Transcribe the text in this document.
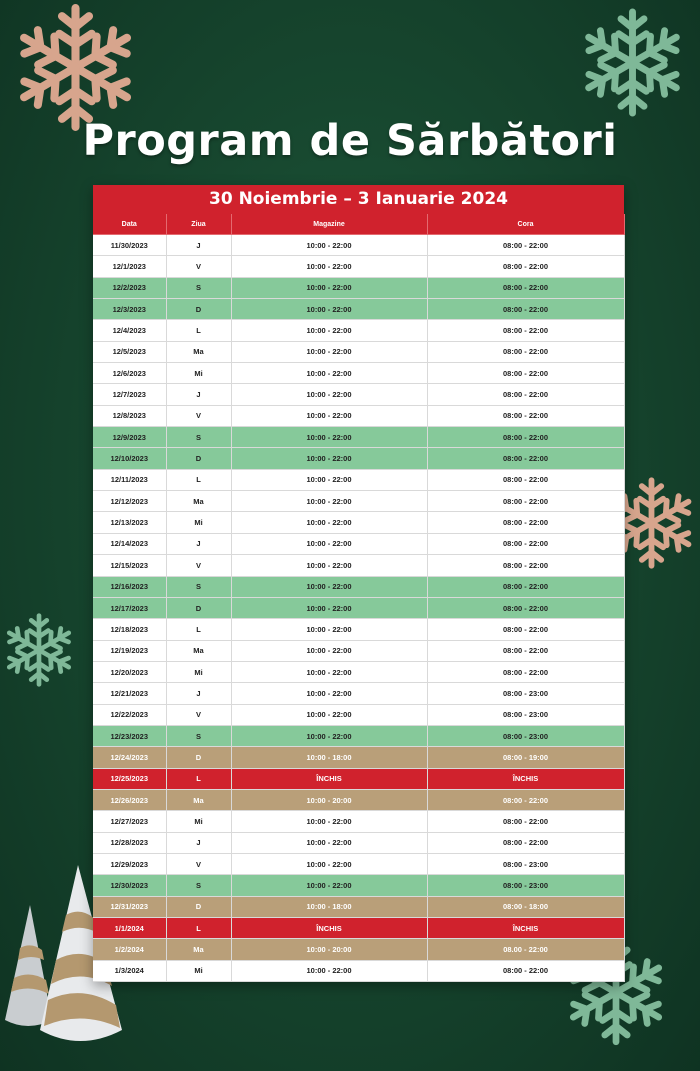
Program de Sărbători
30 Noiembrie – 3 Ianuarie 2024
Data	Ziua	Magazine	Cora
11/30/2023	J	10:00 - 22:00	08:00 - 22:00
12/1/2023	V	10:00 - 22:00	08:00 - 22:00
12/2/2023	S	10:00 - 22:00	08:00 - 22:00
12/3/2023	D	10:00 - 22:00	08:00 - 22:00
12/4/2023	L	10:00 - 22:00	08:00 - 22:00
12/5/2023	Ma	10:00 - 22:00	08:00 - 22:00
12/6/2023	Mi	10:00 - 22:00	08:00 - 22:00
12/7/2023	J	10:00 - 22:00	08:00 - 22:00
12/8/2023	V	10:00 - 22:00	08:00 - 22:00
12/9/2023	S	10:00 - 22:00	08:00 - 22:00
12/10/2023	D	10:00 - 22:00	08:00 - 22:00
12/11/2023	L	10:00 - 22:00	08:00 - 22:00
12/12/2023	Ma	10:00 - 22:00	08:00 - 22:00
12/13/2023	Mi	10:00 - 22:00	08:00 - 22:00
12/14/2023	J	10:00 - 22:00	08:00 - 22:00
12/15/2023	V	10:00 - 22:00	08:00 - 22:00
12/16/2023	S	10:00 - 22:00	08:00 - 22:00
12/17/2023	D	10:00 - 22:00	08:00 - 22:00
12/18/2023	L	10:00 - 22:00	08:00 - 22:00
12/19/2023	Ma	10:00 - 22:00	08:00 - 22:00
12/20/2023	Mi	10:00 - 22:00	08:00 - 22:00
12/21/2023	J	10:00 - 22:00	08:00 - 23:00
12/22/2023	V	10:00 - 22:00	08:00 - 23:00
12/23/2023	S	10:00 - 22:00	08:00 - 23:00
12/24/2023	D	10:00 - 18:00	08:00 - 19:00
12/25/2023	L	ÎNCHIS	ÎNCHIS
12/26/2023	Ma	10:00 - 20:00	08:00 - 22:00
12/27/2023	Mi	10:00 - 22:00	08:00 - 22:00
12/28/2023	J	10:00 - 22:00	08:00 - 22:00
12/29/2023	V	10:00 - 22:00	08:00 - 23:00
12/30/2023	S	10:00 - 22:00	08:00 - 23:00
12/31/2023	D	10:00 - 18:00	08:00 - 18:00
1/1/2024	L	ÎNCHIS	ÎNCHIS
1/2/2024	Ma	10:00 - 20:00	08.00 - 22:00
1/3/2024	Mi	10:00 - 22:00	08:00 - 22:00
